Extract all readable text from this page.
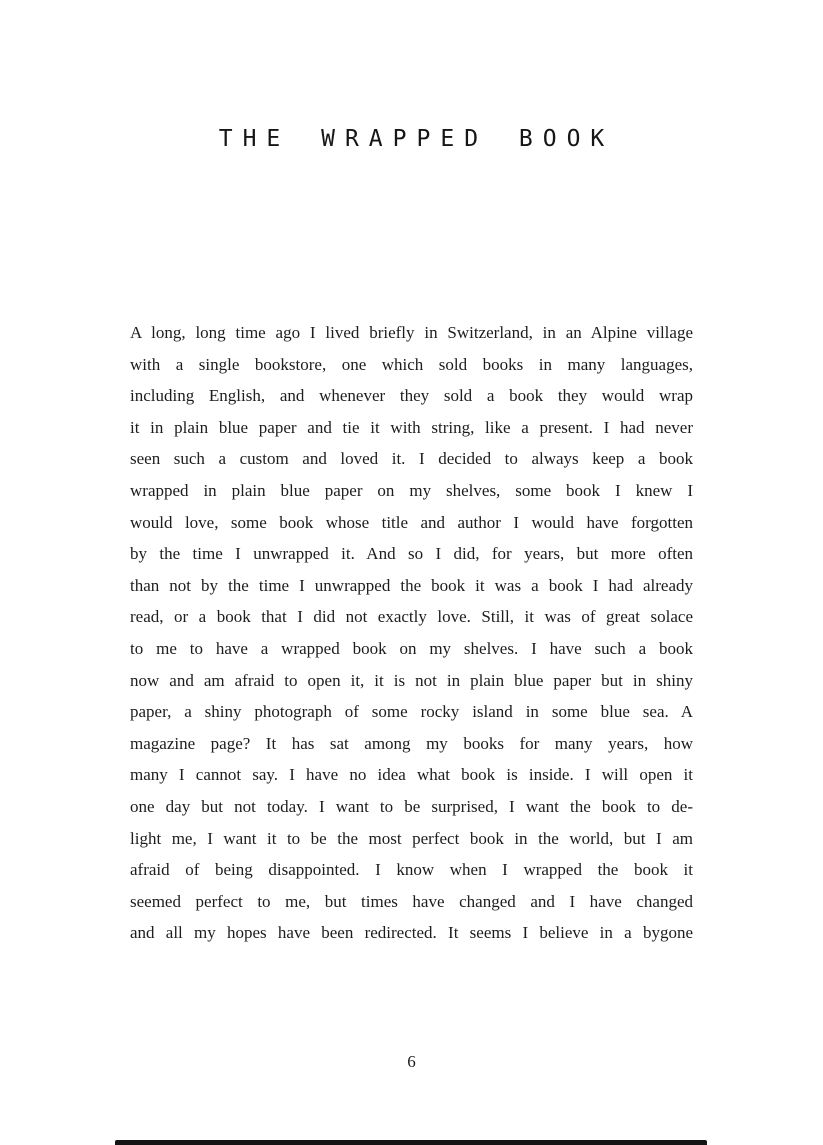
THE WRAPPED BOOK
A long, long time ago I lived briefly in Switzerland, in an Alpine village
with a single bookstore, one which sold books in many languages,
including English, and whenever they sold a book they would wrap
it in plain blue paper and tie it with string, like a present. I had never
seen such a custom and loved it. I decided to always keep a book
wrapped in plain blue paper on my shelves, some book I knew I
would love, some book whose title and author I would have forgotten
by the time I unwrapped it. And so I did, for years, but more often
than not by the time I unwrapped the book it was a book I had already
read, or a book that I did not exactly love. Still, it was of great solace
to me to have a wrapped book on my shelves. I have such a book
now and am afraid to open it, it is not in plain blue paper but in shiny
paper, a shiny photograph of some rocky island in some blue sea. A
magazine page? It has sat among my books for many years, how
many I cannot say. I have no idea what book is inside. I will open it
one day but not today. I want to be surprised, I want the book to de-
light me, I want it to be the most perfect book in the world, but I am
afraid of being disappointed. I know when I wrapped the book it
seemed perfect to me, but times have changed and I have changed
and all my hopes have been redirected. It seems I believe in a bygone
6
